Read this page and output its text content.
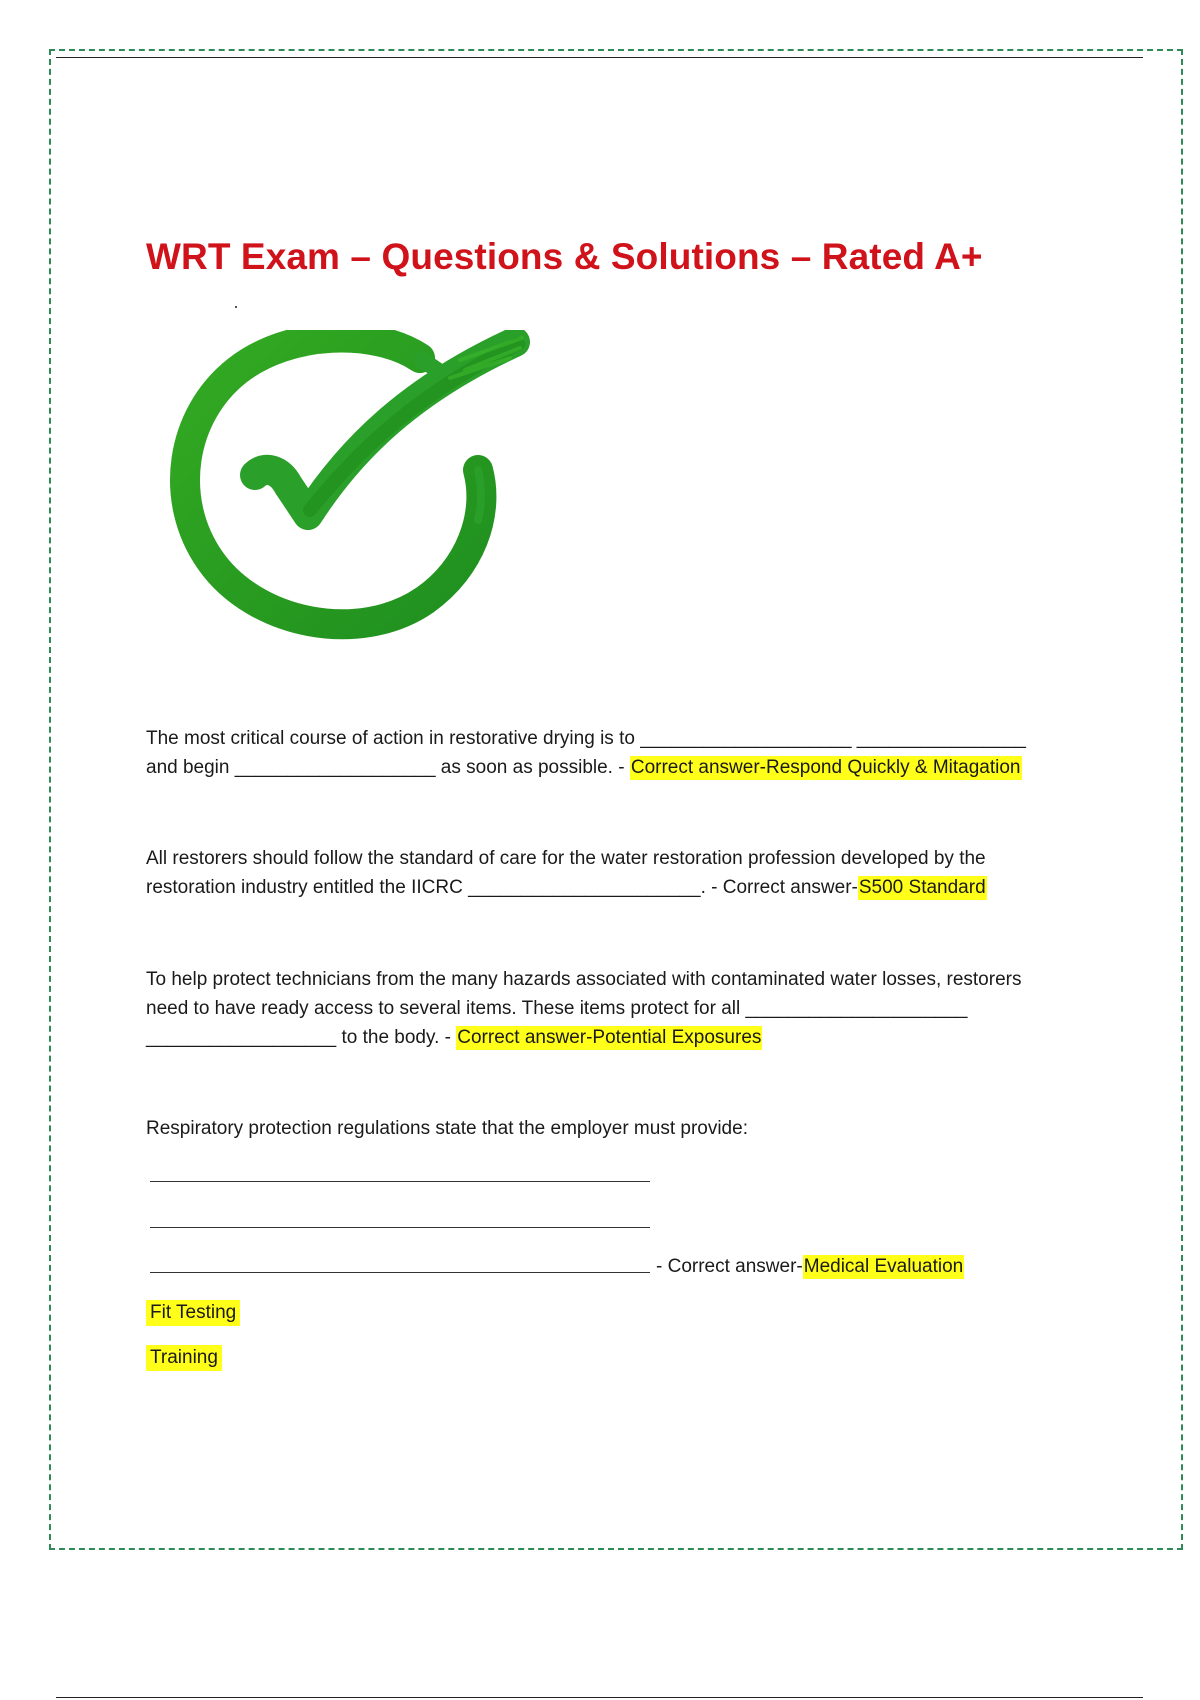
WRT Exam – Questions & Solutions – Rated A+
The most critical course of action in restorative drying is to ____________________ ________________
and begin ___________________ as soon as possible. - Correct answer-Respond Quickly & Mitagation
All restorers should follow the standard of care for the water restoration profession developed by the
restoration industry entitled the IICRC ______________________. - Correct answer-S500 Standard
To help protect technicians from the many hazards associated with contaminated water losses, restorers
need to have ready access to several items. These items protect for all _____________________
__________________ to the body. - Correct answer-Potential Exposures
Respiratory protection regulations state that the employer must provide:
- Correct answer-Medical Evaluation
Fit Testing
Training
